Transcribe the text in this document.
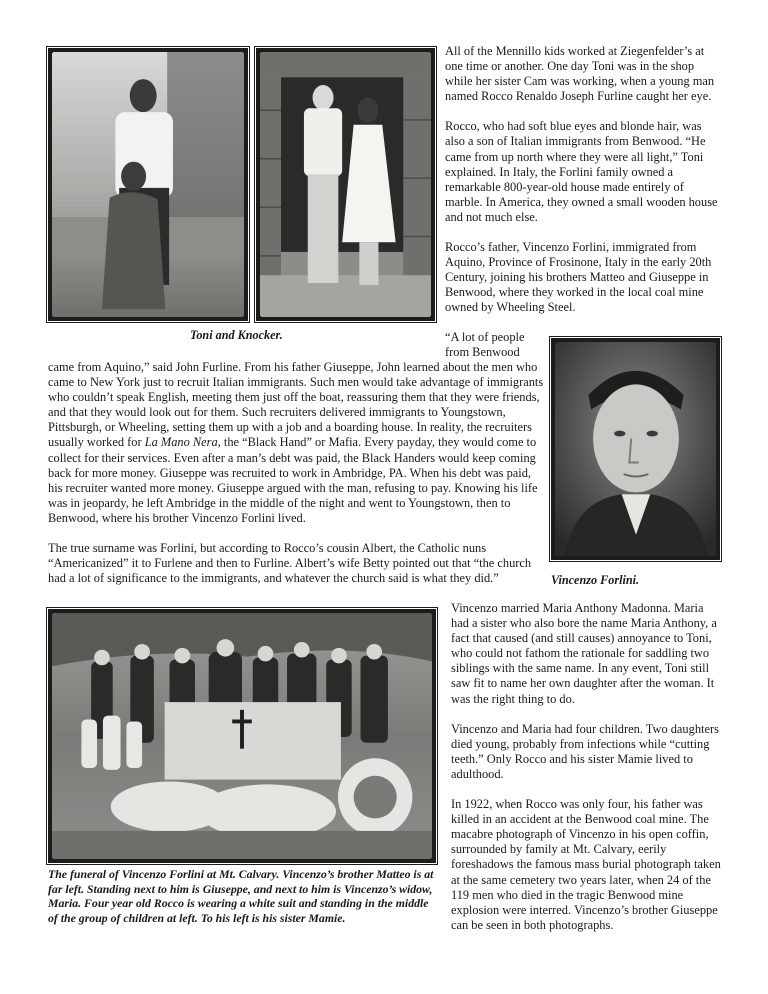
Toni and Knocker.

Vincenzo Forlini.

The funeral of Vincenzo Forlini at Mt. Calvary. Vincenzo’s brother Matteo is at far left. Standing next to him is Giuseppe, and next to him is Vincenzo’s widow, Maria. Four year old Rocco is wearing a white suit and standing in the middle of the group of children at left. To his left is his sister Mamie.

All of the Mennillo kids worked at Ziegenfelder’s at one time or another. One day Toni was in the shop while her sister Cam was working, when a young man named Rocco Renaldo Joseph Furline caught her eye.

Rocco, who had soft blue eyes and blonde hair, was also a son of Italian immigrants from Benwood. “He came from up north where they were all light,” Toni explained. In Italy, the Forlini family owned a remarkable 800-year-old house made entirely of marble. In America, they owned a small wooden house and not much else.

Rocco’s father, Vincenzo Forlini, immigrated from Aquino, Province of Frosinone, Italy in the early 20th Century, joining his brothers Matteo and Giuseppe in Benwood, where they worked in the local coal mine owned by Wheeling Steel.

“A lot of people from Benwood

came from Aquino,” said John Furline. From his father Giuseppe, John learned about the men who came to New York just to recruit Italian immigrants. Such men would take advantage of immigrants who couldn’t speak English, meeting them just off the boat, reassuring them that they were friends, and that they would look out for them. Such recruiters delivered immigrants to Youngstown, Pittsburgh, or Wheeling, setting them up with a job and a boarding house. In reality, the recruiters usually worked for La Mano Nera, the “Black Hand” or Mafia. Every payday, they would come to collect for their services. Even after a man’s debt was paid, the Black Handers would keep coming back for more money. Giuseppe was recruited to work in Ambridge, PA. When his debt was paid, his recruiter wanted more money. Giuseppe argued with the man, refusing to pay. Knowing his life was in jeopardy, he left Ambridge in the middle of the night and went to Youngstown, then to Benwood, where his brother Vincenzo Forlini lived.

The true surname was Forlini, but according to Rocco’s cousin Albert, the Catholic nuns “Americanized” it to Furlene and then to Furline. Albert’s wife Betty pointed out that “the church had a lot of significance to the immigrants, and whatever the church said is what they did.”

Vincenzo married Maria Anthony Madonna. Maria had a sister who also bore the name Maria Anthony, a fact that caused (and still causes) annoyance to Toni, who could not fathom the rationale for saddling two siblings with the same name. In any event, Toni still saw fit to name her own daughter after the woman. It was the right thing to do.

Vincenzo and Maria had four children. Two daughters died young, probably from infections while “cutting teeth.” Only Rocco and his sister Mamie lived to adulthood.

In 1922, when Rocco was only four, his father was killed in an accident at the Benwood coal mine. The macabre photograph of Vincenzo in his open coffin, surrounded by family at Mt. Calvary, eerily foreshadows the famous mass burial photograph taken at the same cemetery two years later, when 24 of the 119 men who died in the tragic Benwood mine explosion were interred. Vincenzo’s brother Giuseppe can be seen in both photographs.
